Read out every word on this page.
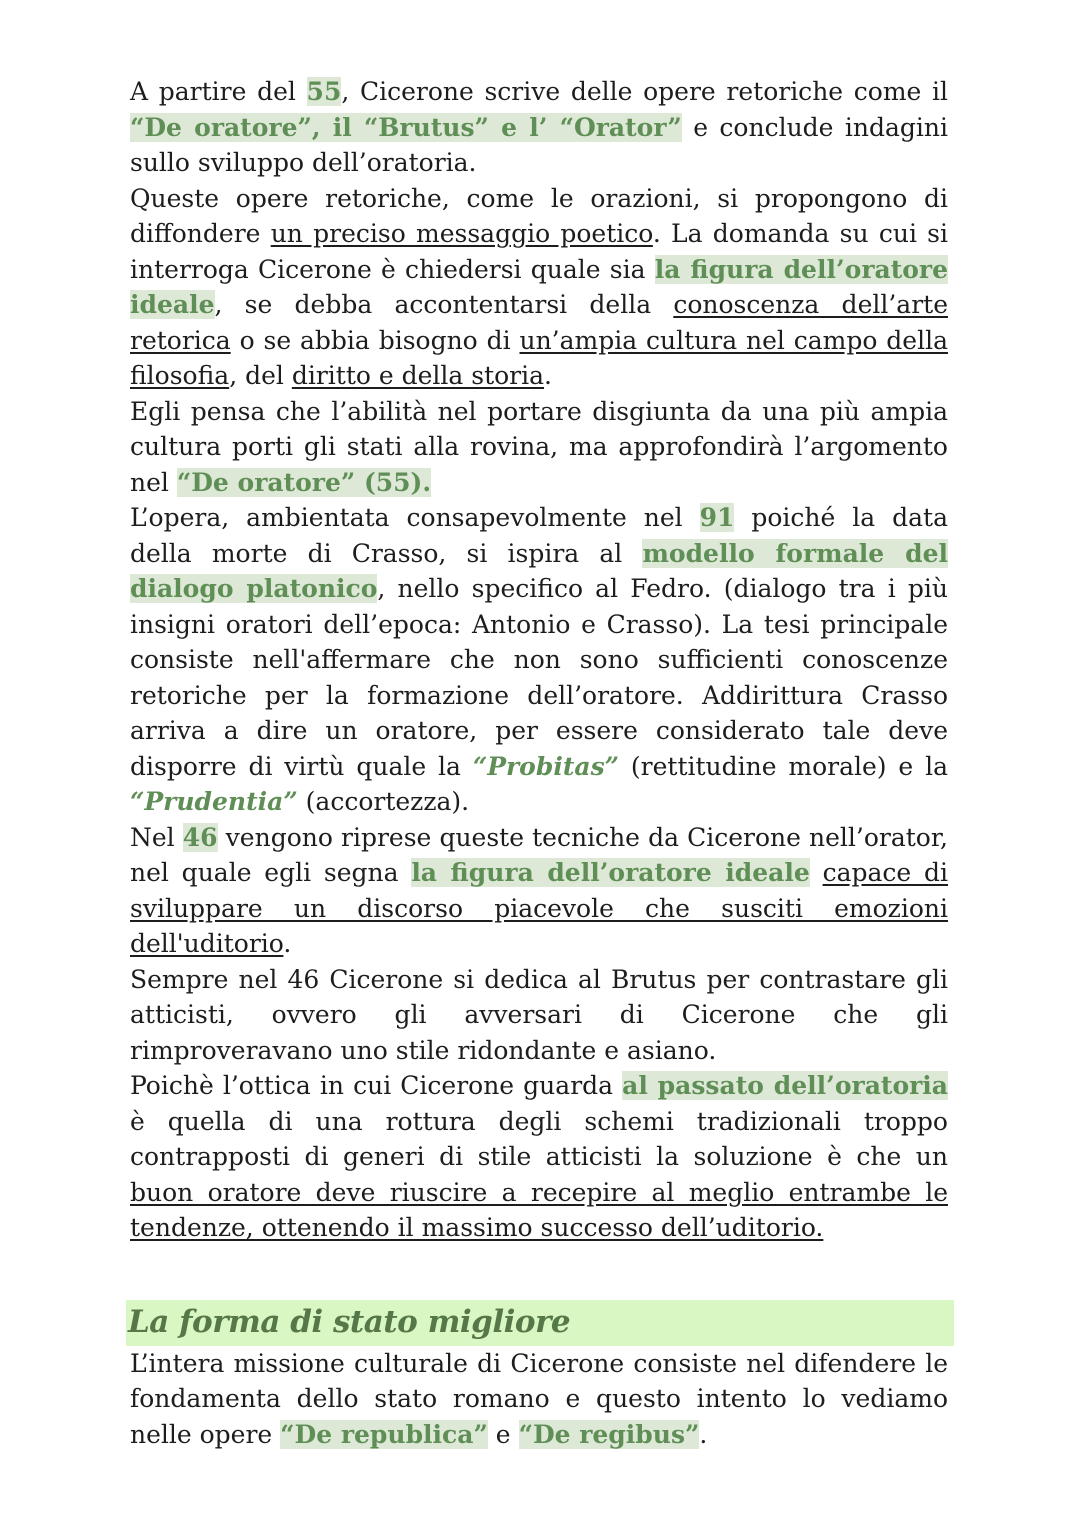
A partire del 55, Cicerone scrive delle opere retoriche come il “De oratore”, il “Brutus” e l’ “Orator” e conclude indagini sullo sviluppo dell’oratoria.

Queste opere retoriche, come le orazioni, si propongono di diffondere un preciso messaggio poetico. La domanda su cui si interroga Cicerone è chiedersi quale sia la figura dell’oratore ideale, se debba accontentarsi della conoscenza dell’arte retorica o se abbia bisogno di un’ampia cultura nel campo della filosofia, del diritto e della storia.

Egli pensa che l’abilità nel portare disgiunta da una più ampia cultura porti gli stati alla rovina, ma approfondirà l’argomento nel “De oratore” (55).

L’opera, ambientata consapevolmente nel 91 poiché la data della morte di Crasso, si ispira al modello formale del dialogo platonico, nello specifico al Fedro. (dialogo tra i più insigni oratori dell’epoca: Antonio e Crasso). La tesi principale consiste nell'affermare che non sono sufficienti conoscenze retoriche per la formazione dell’oratore. Addirittura Crasso arriva a dire un oratore, per essere considerato tale deve disporre di virtù quale la “Probitas” (rettitudine morale) e la “Prudentia” (accortezza).

Nel 46 vengono riprese queste tecniche da Cicerone nell’orator, nel quale egli segna la figura dell’oratore ideale capace di sviluppare un discorso piacevole che susciti emozioni dell'uditorio.

Sempre nel 46 Cicerone si dedica al Brutus per contrastare gli atticisti, ovvero gli avversari di Cicerone che gli rimproveravano uno stile ridondante e asiano.

Poichè l’ottica in cui Cicerone guarda al passato dell’oratoria è quella di una rottura degli schemi tradizionali troppo contrapposti di generi di stile atticisti la soluzione è che un buon oratore deve riuscire a recepire al meglio entrambe le tendenze, ottenendo il massimo successo dell’uditorio.

La forma di stato migliore

L’intera missione culturale di Cicerone consiste nel difendere le fondamenta dello stato romano e questo intento lo vediamo nelle opere “De republica” e “De regibus”.
